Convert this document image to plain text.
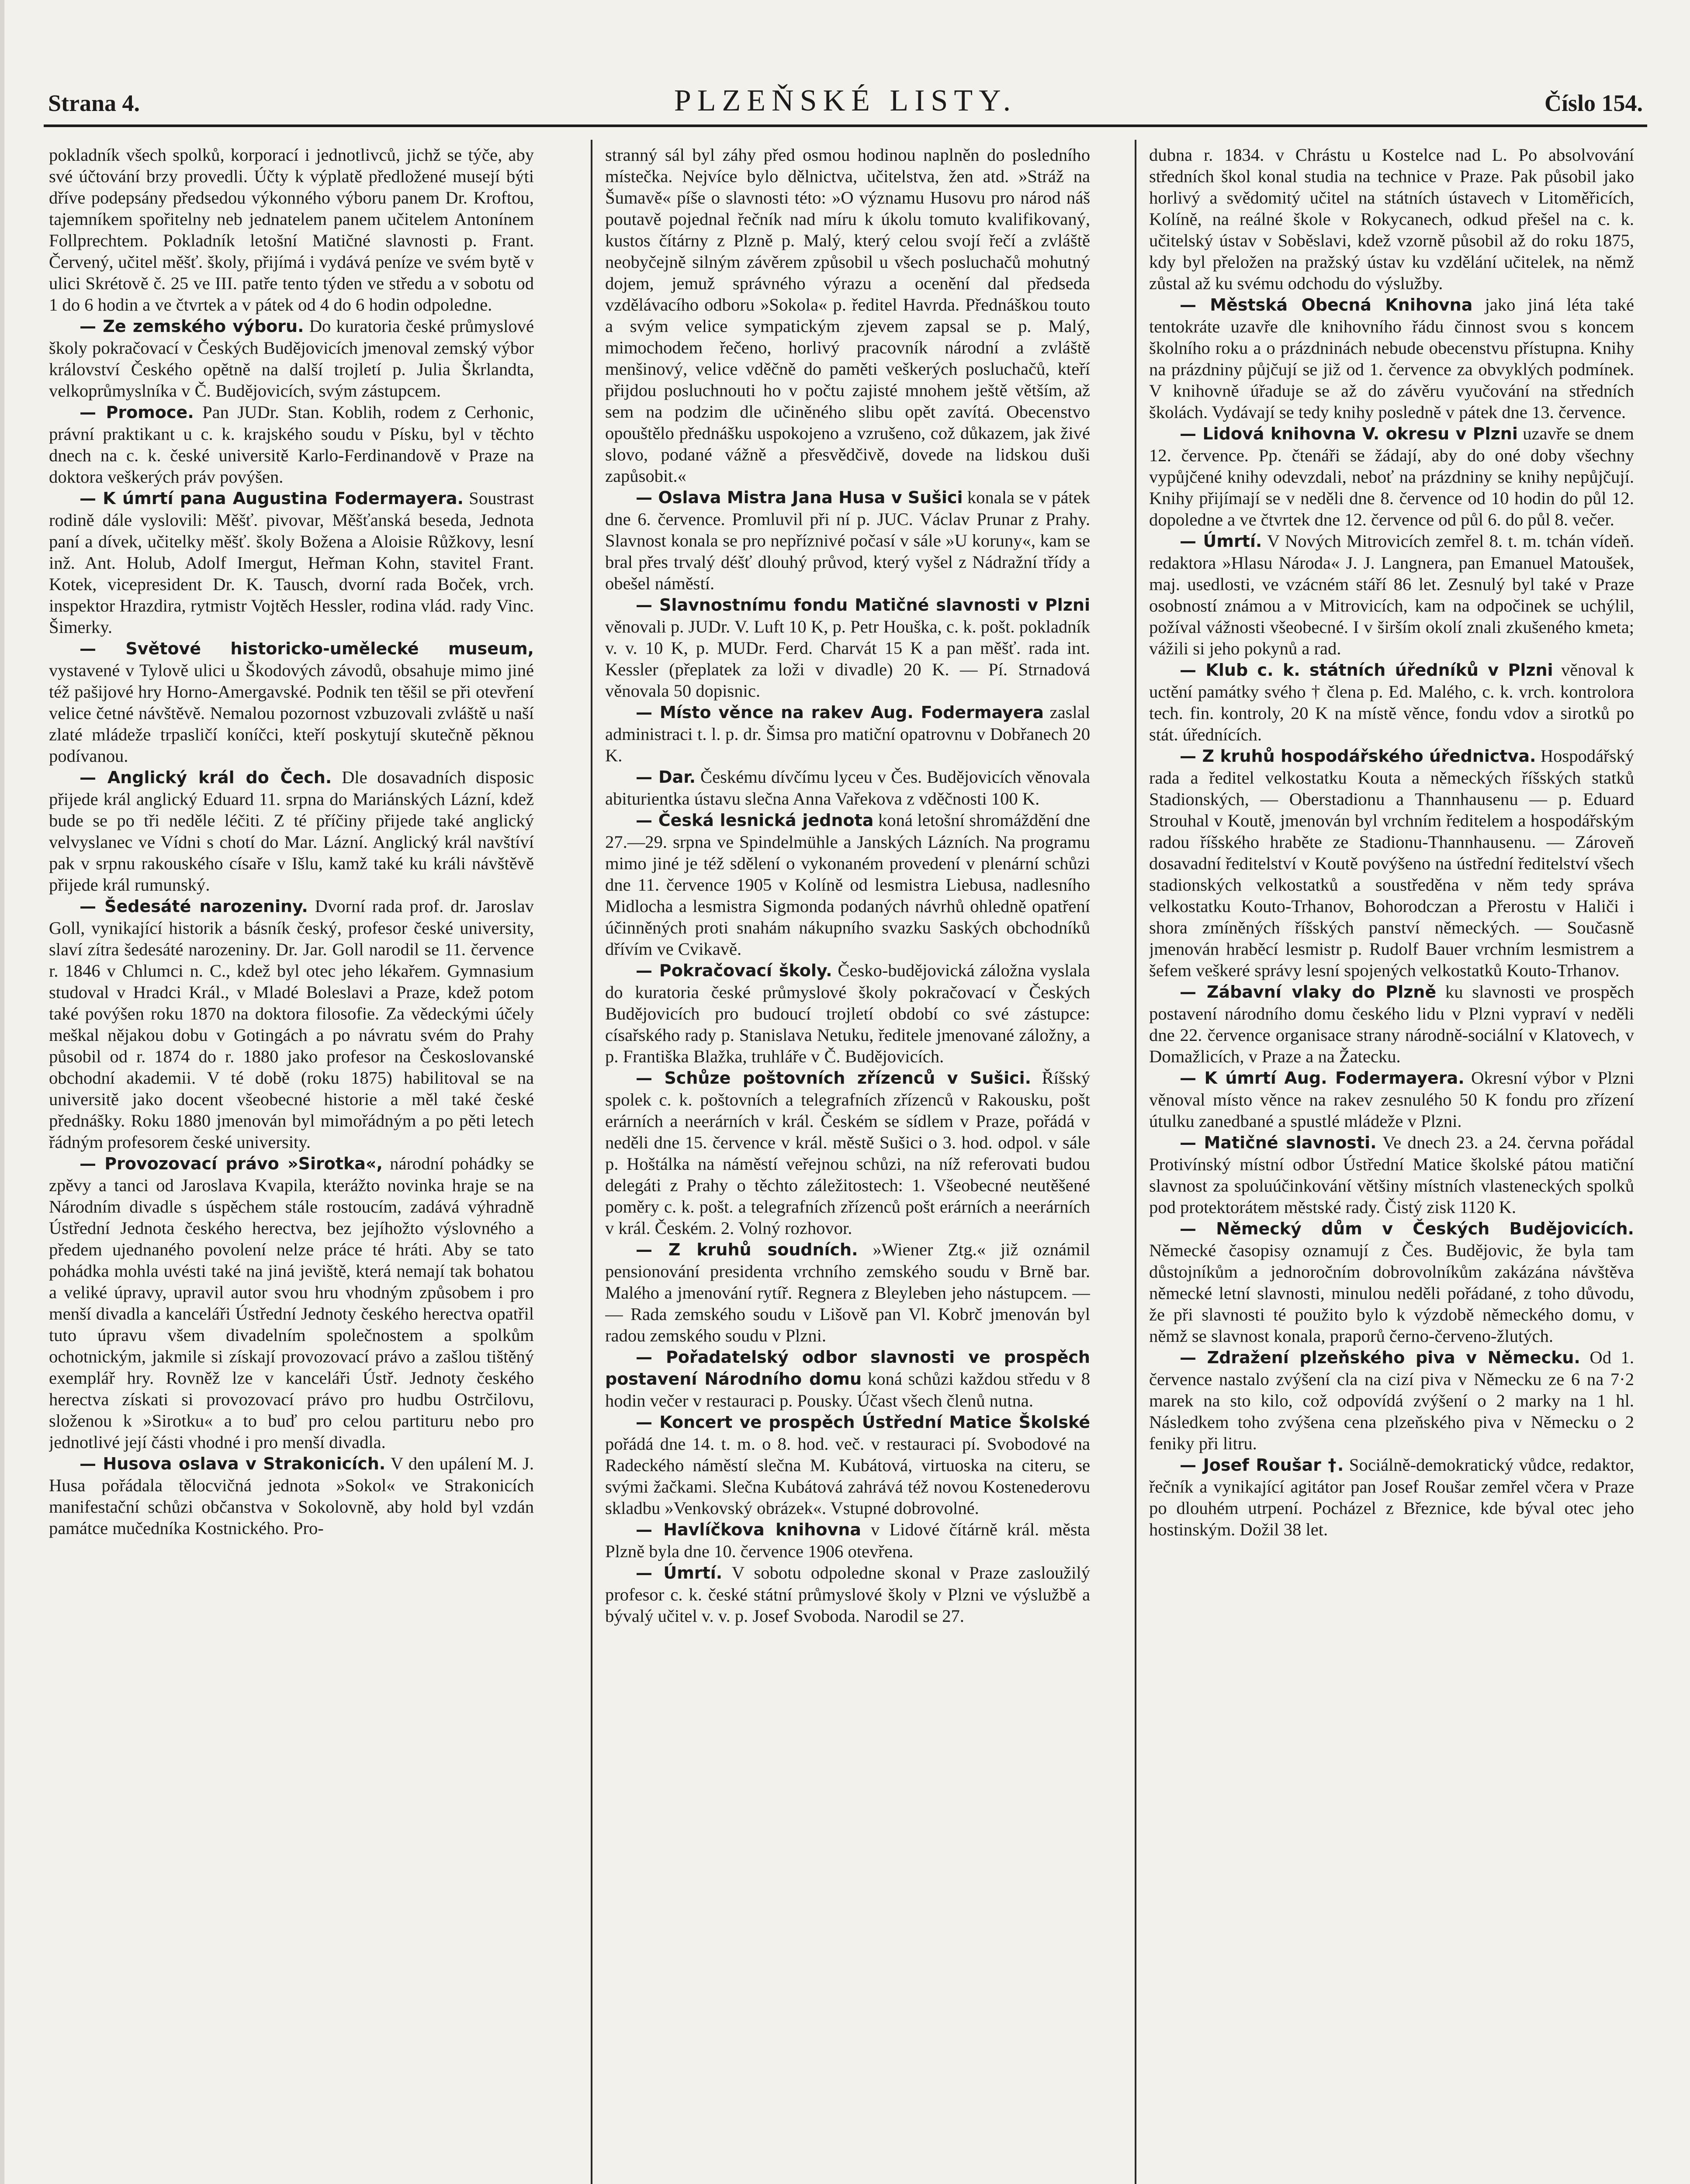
Strana 4.	PLZEŇSKÉ LISTY.	Číslo 154.

pokladník všech spolků, korporací i jednotlivců, jichž se týče, aby své účtování brzy provedli. Účty k výplatě předložené musejí býti dříve podepsány předsedou výkonného výboru panem Dr. Kroftou, tajemníkem spořitelny neb jednatelem panem učitelem Antonínem Follprechtem. Pokladník letošní Matičné slavnosti p. Frant. Červený, učitel měšť. školy, přijímá i vydává peníze ve svém bytě v ulici Skrétově č. 25 ve III. patře tento týden ve středu a v sobotu od 1 do 6 hodin a ve čtvrtek a v pátek od 4 do 6 hodin odpoledne.

— Ze zemského výboru. Do kuratoria české průmyslové školy pokračovací v Českých Budějovicích jmenoval zemský výbor království Českého opětně na další trojletí p. Julia Škrlandta, velkoprůmyslníka v Č. Budějovicích, svým zástupcem.

— Promoce. Pan JUDr. Stan. Koblih, rodem z Cerhonic, právní praktikant u c. k. krajského soudu v Písku, byl v těchto dnech na c. k. české universitě Karlo-Ferdinandově v Praze na doktora veškerých práv povýšen.

— K úmrtí pana Augustina Fodermayera. Soustrast rodině dále vyslovili: Měšť. pivovar, Měšťanská beseda, Jednota paní a dívek, učitelky měšť. školy Božena a Aloisie Růžkovy, lesní inž. Ant. Holub, Adolf Imergut, Heřman Kohn, stavitel Frant. Kotek, vicepresident Dr. K. Tausch, dvorní rada Boček, vrch. inspektor Hrazdira, rytmistr Vojtěch Hessler, rodina vlád. rady Vinc. Šimerky.

— Světové historicko-umělecké museum, vystavené v Tylově ulici u Škodových závodů, obsahuje mimo jiné též pašijové hry Horno-Amergavské. Podnik ten těšil se při otevření velice četné návštěvě. Nemalou pozornost vzbuzovali zvláště u naší zlaté mládeže trpasličí koníčci, kteří poskytují skutečně pěknou podívanou.

— Anglický král do Čech. Dle dosavadních disposic přijede král anglický Eduard 11. srpna do Mariánských Lázní, kdež bude se po tři neděle léčiti. Z té příčiny přijede také anglický velvyslanec ve Vídni s chotí do Mar. Lázní. Anglický král navštíví pak v srpnu rakouského císaře v Išlu, kamž také ku králi návštěvě přijede král rumunský.

— Šedesáté narozeniny. Dvorní rada prof. dr. Jaroslav Goll, vynikající historik a básník český, profesor české university, slaví zítra šedesáté narozeniny. Dr. Jar. Goll narodil se 11. července r. 1846 v Chlumci n. C., kdež byl otec jeho lékařem. Gymnasium studoval v Hradci Král., v Mladé Boleslavi a Praze, kdež potom také povýšen roku 1870 na doktora filosofie. Za vědeckými účely meškal nějakou dobu v Gotingách a po návratu svém do Prahy působil od r. 1874 do r. 1880 jako profesor na Českoslovanské obchodní akademii. V té době (roku 1875) habilitoval se na universitě jako docent všeobecné historie a měl také české přednášky. Roku 1880 jmenován byl mimořádným a po pěti letech řádným profesorem české university.

— Provozovací právo »Sirotka«, národní pohádky se zpěvy a tanci od Jaroslava Kvapila, kterážto novinka hraje se na Národním divadle s úspěchem stále rostoucím, zadává výhradně Ústřední Jednota českého herectva, bez jejíhožto výslovného a předem ujednaného povolení nelze práce té hráti. Aby se tato pohádka mohla uvésti také na jiná jeviště, která nemají tak bohatou a veliké úpravy, upravil autor svou hru vhodným způsobem i pro menší divadla a kanceláři Ústřední Jednoty českého herectva opatřil tuto úpravu všem divadelním společnostem a spolkům ochotnickým, jakmile si získají provozovací právo a zašlou tištěný exemplář hry. Rovněž lze v kanceláři Ústř. Jednoty českého herectva získati si provozovací právo pro hudbu Ostrčilovu, složenou k »Sirotku« a to buď pro celou partituru nebo pro jednotlivé její části vhodné i pro menší divadla.

— Husova oslava v Strakonicích. V den upálení M. J. Husa pořádala tělocvičná jednota »Sokol« ve Strakonicích manifestační schůzi občanstva v Sokolovně, aby hold byl vzdán památce mučedníka Kostnického. Pro-

stranný sál byl záhy před osmou hodinou naplněn do posledního místečka. Nejvíce bylo dělnictva, učitelstva, žen atd. »Stráž na Šumavě« píše o slavnosti této: »O významu Husovu pro národ náš poutavě pojednal řečník nad míru k úkolu tomuto kvalifikovaný, kustos čítárny z Plzně p. Malý, který celou svojí řečí a zvláště neobyčejně silným závěrem způsobil u všech posluchačů mohutný dojem, jemuž správného výrazu a ocenění dal předseda vzdělávacího odboru »Sokola« p. ředitel Havrda. Přednáškou touto a svým velice sympatickým zjevem zapsal se p. Malý, mimochodem řečeno, horlivý pracovník národní a zvláště menšinový, velice vděčně do paměti veškerých posluchačů, kteří přijdou posluchnouti ho v počtu zajisté mnohem ještě větším, až sem na podzim dle učiněného slibu opět zavítá. Obecenstvo opouštělo přednášku uspokojeno a vzrušeno, což důkazem, jak živé slovo, podané vážně a přesvědčivě, dovede na lidskou duši zapůsobit.«

— Oslava Mistra Jana Husa v Sušici konala se v pátek dne 6. července. Promluvil při ní p. JUC. Václav Prunar z Prahy. Slavnost konala se pro nepříznivé počasí v sále »U koruny«, kam se bral přes trvalý déšť dlouhý průvod, který vyšel z Nádražní třídy a obešel náměstí.

— Slavnostnímu fondu Matičné slavnosti v Plzni věnovali p. JUDr. V. Luft 10 K, p. Petr Houška, c. k. pošt. pokladník v. v. 10 K, p. MUDr. Ferd. Charvát 15 K a pan měšť. rada int. Kessler (přeplatek za loži v divadle) 20 K. — Pí. Strnadová věnovala 50 dopisnic.

— Místo věnce na rakev Aug. Fodermayera zaslal administraci t. l. p. dr. Šimsa pro matiční opatrovnu v Dobřanech 20 K.

— Dar. Českému dívčímu lyceu v Čes. Budějovicích věnovala abiturientka ústavu slečna Anna Vařekova z vděčnosti 100 K.

— Česká lesnická jednota koná letošní shromáždění dne 27.—29. srpna ve Spindelmühle a Janských Lázních. Na programu mimo jiné je též sdělení o vykonaném provedení v plenární schůzi dne 11. července 1905 v Kolíně od lesmistra Liebusa, nadlesního Midlocha a lesmistra Sigmonda podaných návrhů ohledně opatření účinněných proti snahám nákupního svazku Saských obchodníků dřívím ve Cvikavě.

— Pokračovací školy. Česko-budějovická záložna vyslala do kuratoria české průmyslové školy pokračovací v Českých Budějovicích pro budoucí trojletí období co své zástupce: císařského rady p. Stanislava Netuku, ředitele jmenované záložny, a p. Františka Blažka, truhláře v Č. Budějovicích.

— Schůze poštovních zřízenců v Sušici. Říšský spolek c. k. poštovních a telegrafních zřízenců v Rakousku, pošt erárních a neerárních v král. Českém se sídlem v Praze, pořádá v neděli dne 15. července v král. městě Sušici o 3. hod. odpol. v sále p. Hoštálka na náměstí veřejnou schůzi, na níž referovati budou delegáti z Prahy o těchto záležitostech: 1. Všeobecné neutěšené poměry c. k. pošt. a telegrafních zřízenců pošt erárních a neerárních v král. Českém. 2. Volný rozhovor.

— Z kruhů soudních. »Wiener Ztg.« již oznámil pensionování presidenta vrchního zemského soudu v Brně bar. Malého a jmenování rytíř. Regnera z Bleyleben jeho nástupcem. — — Rada zemského soudu v Lišově pan Vl. Kobrč jmenován byl radou zemského soudu v Plzni.

— Pořadatelský odbor slavnosti ve prospěch postavení Národního domu koná schůzi každou středu v 8 hodin večer v restauraci p. Pousky. Účast všech členů nutna.

— Koncert ve prospěch Ústřední Matice Školské pořádá dne 14. t. m. o 8. hod. več. v restauraci pí. Svobodové na Radeckého náměstí slečna M. Kubátová, virtuoska na citeru, se svými žačkami. Slečna Kubátová zahrává též novou Kostenederovu skladbu »Venkovský obrázek«. Vstupné dobrovolné.

— Havlíčkova knihovna v Lidové čítárně král. města Plzně byla dne 10. července 1906 otevřena.

— Úmrtí. V sobotu odpoledne skonal v Praze zasloužilý profesor c. k. české státní průmyslové školy v Plzni ve výslužbě a bývalý učitel v. v. p. Josef Svoboda. Narodil se 27.

dubna r. 1834. v Chrástu u Kostelce nad L. Po absolvování středních škol konal studia na technice v Praze. Pak působil jako horlivý a svědomitý učitel na státních ústavech v Litoměřicích, Kolíně, na reálné škole v Rokycanech, odkud přešel na c. k. učitelský ústav v Soběslavi, kdež vzorně působil až do roku 1875, kdy byl přeložen na pražský ústav ku vzdělání učitelek, na němž zůstal až ku svému odchodu do výslužby.

— Městská Obecná Knihovna jako jiná léta také tentokráte uzavře dle knihovního řádu činnost svou s koncem školního roku a o prázdninách nebude obecenstvu přístupna. Knihy na prázdniny půjčují se již od 1. července za obvyklých podmínek. V knihovně úřaduje se až do závěru vyučování na středních školách. Vydávají se tedy knihy posledně v pátek dne 13. července.

— Lidová knihovna V. okresu v Plzni uzavře se dnem 12. července. Pp. čtenáři se žádají, aby do oné doby všechny vypůjčené knihy odevzdali, neboť na prázdniny se knihy nepůjčují. Knihy přijímají se v neděli dne 8. července od 10 hodin do půl 12. dopoledne a ve čtvrtek dne 12. července od půl 6. do půl 8. večer.

— Úmrtí. V Nových Mitrovicích zemřel 8. t. m. tchán vídeň. redaktora »Hlasu Národa« J. J. Langnera, pan Emanuel Matoušek, maj. usedlosti, ve vzácném stáří 86 let. Zesnulý byl také v Praze osobností známou a v Mitrovicích, kam na odpočinek se uchýlil, požíval vážnosti všeobecné. I v širším okolí znali zkušeného kmeta; vážili si jeho pokynů a rad.

— Klub c. k. státních úředníků v Plzni věnoval k uctění památky svého † člena p. Ed. Malého, c. k. vrch. kontrolora tech. fin. kontroly, 20 K na místě věnce, fondu vdov a sirotků po stát. úřednících.

— Z kruhů hospodářského úřednictva. Hospodářský rada a ředitel velkostatku Kouta a německých říšských statků Stadionských, — Oberstadionu a Thannhausenu — p. Eduard Strouhal v Koutě, jmenován byl vrchním ředitelem a hospodářským radou říšského hraběte ze Stadionu-Thannhausenu. — Zároveň dosavadní ředitelství v Koutě povýšeno na ústřední ředitelství všech stadionských velkostatků a soustředěna v něm tedy správa velkostatku Kouto-Trhanov, Bohorodczan a Přerostu v Haliči i shora zmíněných říšských panství německých. — Současně jmenován hraběcí lesmistr p. Rudolf Bauer vrchním lesmistrem a šefem veškeré správy lesní spojených velkostatků Kouto-Trhanov.

— Zábavní vlaky do Plzně ku slavnosti ve prospěch postavení národního domu českého lidu v Plzni vypraví v neděli dne 22. července organisace strany národně-sociální v Klatovech, v Domažlicích, v Praze a na Žatecku.

— K úmrtí Aug. Fodermayera. Okresní výbor v Plzni věnoval místo věnce na rakev zesnulého 50 K fondu pro zřízení útulku zanedbané a spustlé mládeže v Plzni.

— Matičné slavnosti. Ve dnech 23. a 24. června pořádal Protivínský místní odbor Ústřední Matice školské pátou matiční slavnost za spoluúčinkování většiny místních vlasteneckých spolků pod protektorátem městské rady. Čistý zisk 1120 K.

— Německý dům v Českých Budějovicích. Německé časopisy oznamují z Čes. Budějovic, že byla tam důstojníkům a jednoročním dobrovolníkům zakázána návštěva německé letní slavnosti, minulou neděli pořádané, z toho důvodu, že při slavnosti té použito bylo k výzdobě německého domu, v němž se slavnost konala, praporů černo-červeno-žlutých.

— Zdražení plzeňského piva v Německu. Od 1. července nastalo zvýšení cla na cizí piva v Německu ze 6 na 7·2 marek na sto kilo, což odpovídá zvýšení o 2 marky na 1 hl. Následkem toho zvýšena cena plzeňského piva v Německu o 2 feniky při litru.

— Josef Roušar †. Sociálně-demokratický vůdce, redaktor, řečník a vynikající agitátor pan Josef Roušar zemřel včera v Praze po dlouhém utrpení. Pocházel z Březnice, kde býval otec jeho hostinským. Dožil 38 let.
